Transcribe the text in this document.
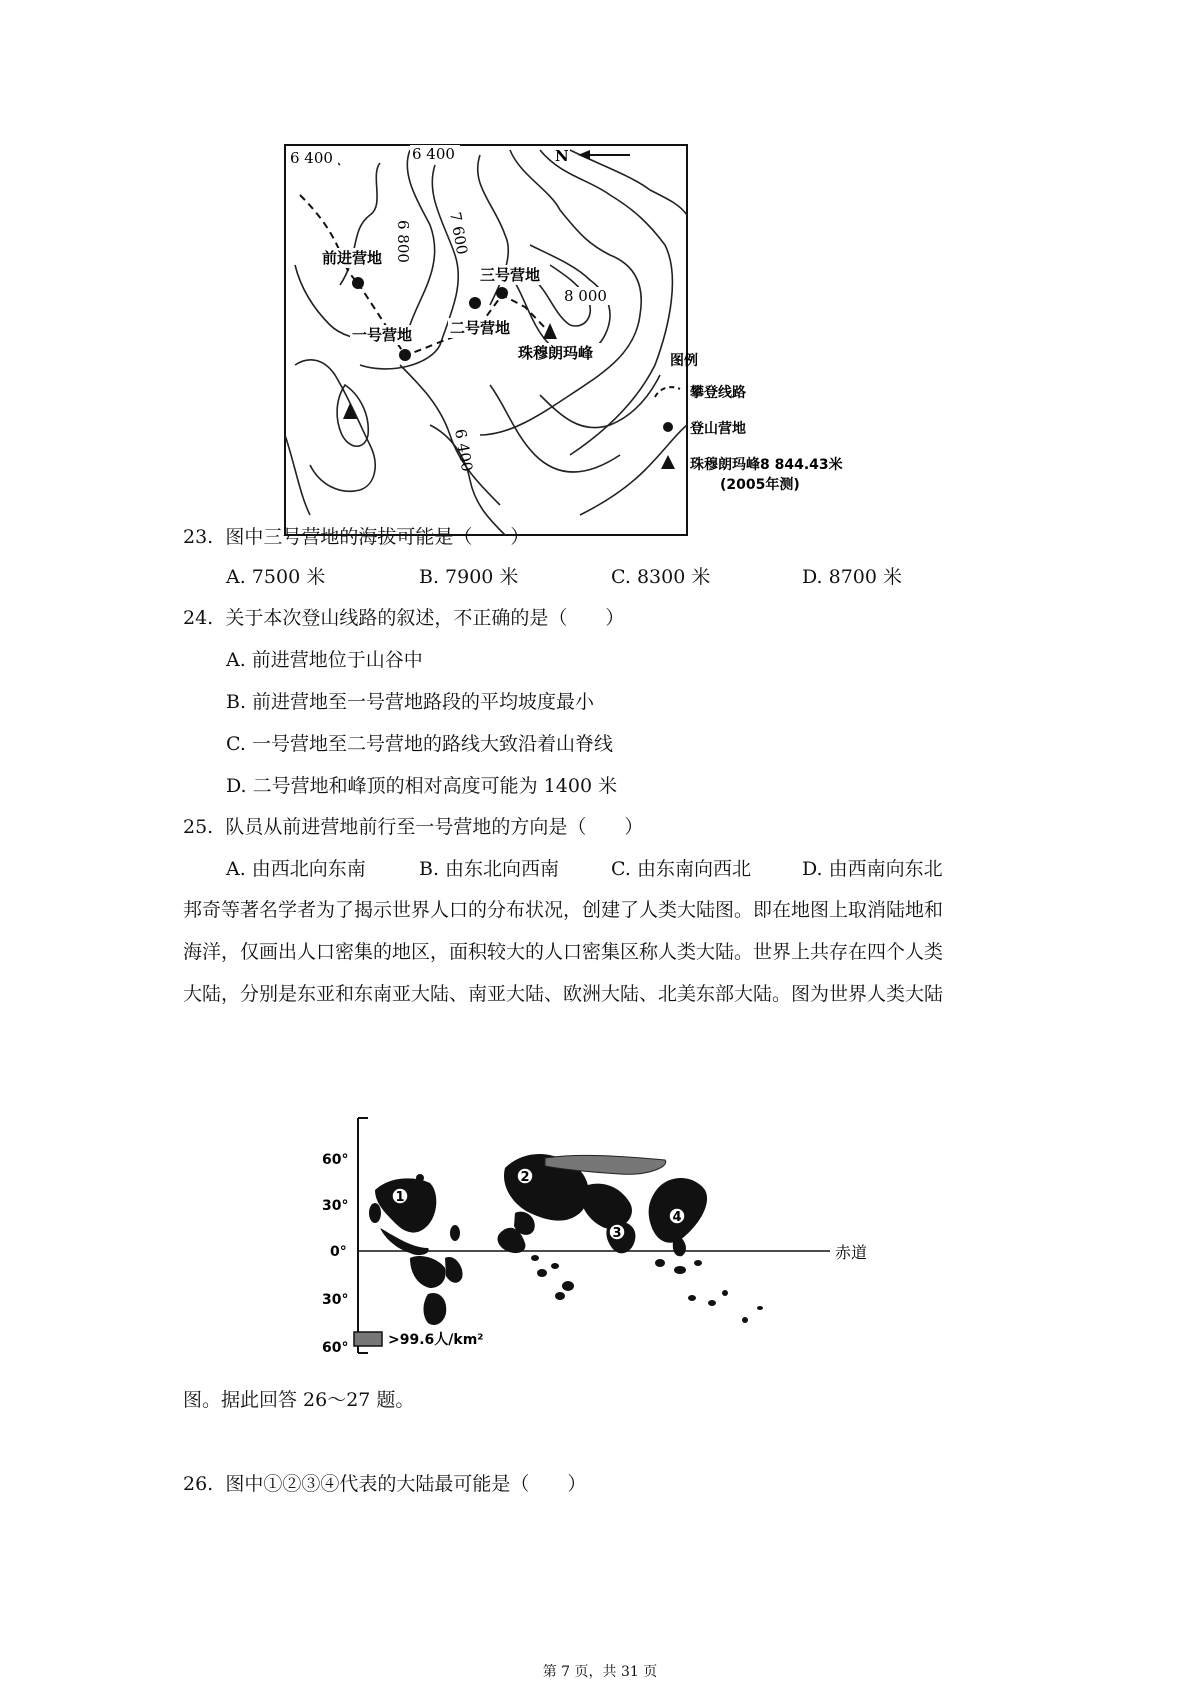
6 400	6 400
6 800 7 600
8 000
6 400
N
前进营地
一号营地	二号营地
三号营地
珠穆朗玛峰	图例
攀登线路
登山营地
珠穆朗玛峰8 844.43米
(2005年测)
23. 图中三号营地的海拔可能是（　　）
A. 7500 米	B. 7900 米	C. 8300 米	D. 8700 米
24. 关于本次登山线路的叙述，不正确的是（　　）
A. 前进营地位于山谷中
B. 前进营地至一号营地路段的平均坡度最小
C. 一号营地至二号营地的路线大致沿着山脊线
D. 二号营地和峰顶的相对高度可能为 1400 米
25. 队员从前进营地前行至一号营地的方向是（　　）
A. 由西北向东南	B. 由东北向西南	C. 由东南向西北	D. 由西南向东北
邦奇等著名学者为了揭示世界人口的分布状况，创建了人类大陆图。即在地图上取消陆地和
海洋，仅画出人口密集的地区，面积较大的人口密集区称人类大陆。世界上共存在四个人类
大陆，分别是东亚和东南亚大陆、南亚大陆、欧洲大陆、北美东部大陆。图为世界人类大陆
60°
30°
0°
30°
60°
赤道
1
2
3
4
>99.6人/km²
图。据此回答 26～27 题。
26. 图中①②③④代表的大陆最可能是（　　）
第 7 页，共 31 页
